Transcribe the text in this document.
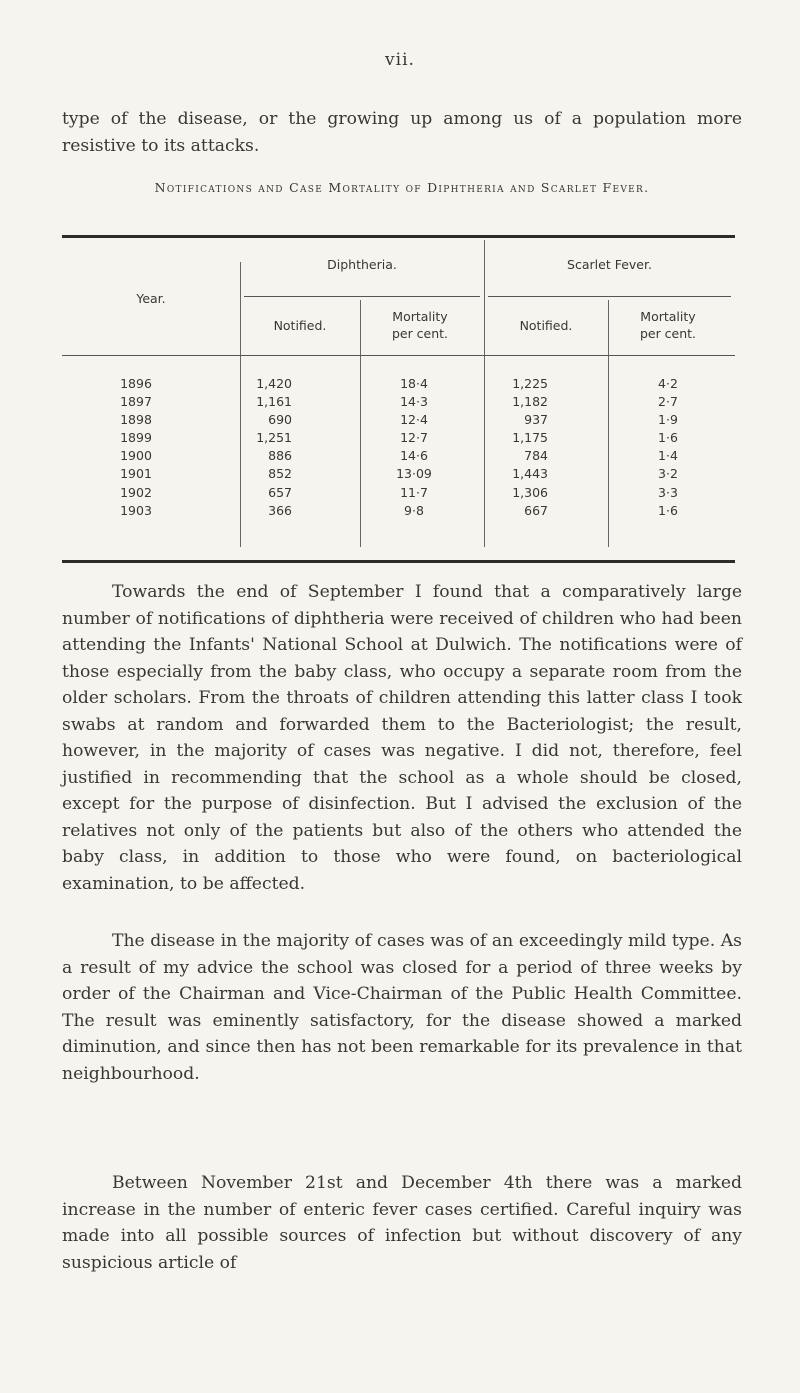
vii.

type of the disease, or the growing up among us of a population more resistive to its attacks.

Notifications and Case Mortality of Diphtheria and Scarlet Fever.

Year.
Diphtheria.	Scarlet Fever.
Notified.
Mortality per cent.
Notified.
Mortality per cent.
1896
1897
1898
1899
1900
1901
1902
1903
1,420
1,161
690
1,251
886
852
657
366
18·4
14·3
12·4
12·7
14·6
13·09
11·7
9·8
1,225
1,182
937
1,175
784
1,443
1,306
667
4·2
2·7
1·9
1·6
1·4
3·2
3·3
1·6

Towards the end of September I found that a comparatively large number of notifications of diphtheria were received of children who had been attending the Infants' National School at Dulwich. The notifications were of those especially from the baby class, who occupy a separate room from the older scholars. From the throats of children attending this latter class I took swabs at random and forwarded them to the Bacteriologist; the result, however, in the majority of cases was negative. I did not, therefore, feel justified in recommending that the school as a whole should be closed, except for the purpose of disinfection. But I advised the exclusion of the relatives not only of the patients but also of the others who attended the baby class, in addition to those who were found, on bacteriological examination, to be affected.

The disease in the majority of cases was of an exceedingly mild type. As a result of my advice the school was closed for a period of three weeks by order of the Chairman and Vice-Chairman of the Public Health Committee. The result was eminently satisfactory, for the disease showed a marked diminution, and since then has not been remarkable for its prevalence in that neighbourhood.

Between November 21st and December 4th there was a marked increase in the number of enteric fever cases certified. Careful inquiry was made into all possible sources of infection but without discovery of any suspicious article of
